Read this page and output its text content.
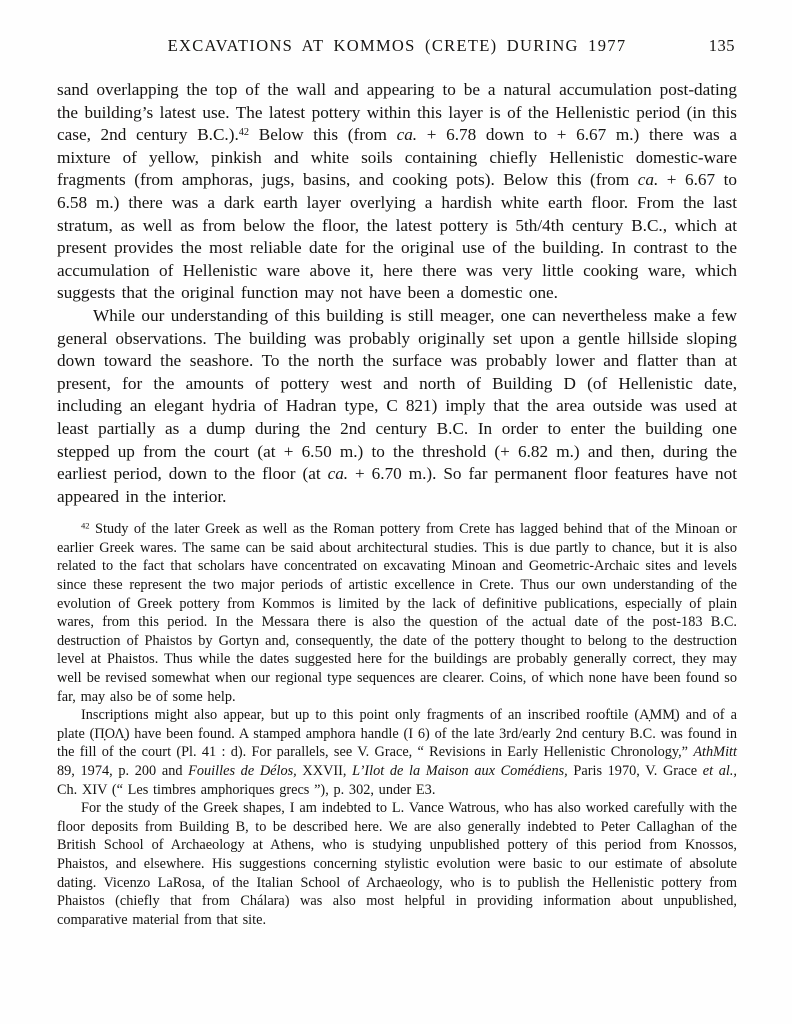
EXCAVATIONS AT KOMMOS (CRETE) DURING 1977	135

sand overlapping the top of the wall and appearing to be a natural accumulation post-dating the building’s latest use. The latest pottery within this layer is of the Hellenistic period (in this case, 2nd century B.C.).$^{42}$ Below this (from ca. + 6.78 down to + 6.67 m.) there was a mixture of yellow, pinkish and white soils containing chiefly Hellenistic domestic-ware fragments (from amphoras, jugs, basins, and cooking pots). Below this (from ca. + 6.67 to 6.58 m.) there was a dark earth layer overlying a hardish white earth floor. From the last stratum, as well as from below the floor, the latest pottery is 5th/4th century B.C., which at present provides the most reliable date for the original use of the building. In contrast to the accumulation of Hellenistic ware above it, here there was very little cooking ware, which suggests that the original function may not have been a domestic one.

While our understanding of this building is still meager, one can nevertheless make a few general observations. The building was probably originally set upon a gentle hillside sloping down toward the seashore. To the north the surface was probably lower and flatter than at present, for the amounts of pottery west and north of Building D (of Hellenistic date, including an elegant hydria of Hadran type, C 821) imply that the area outside was used at least partially as a dump during the 2nd century B.C. In order to enter the building one stepped up from the court (at + 6.50 m.) to the threshold (+ 6.82 m.) and then, during the earliest period, down to the floor (at ca. + 6.70 m.). So far permanent floor features have not appeared in the interior.

$^{42}$ Study of the later Greek as well as the Roman pottery from Crete has lagged behind that of the Minoan or earlier Greek wares. The same can be said about architectural studies. This is due partly to chance, but it is also related to the fact that scholars have concentrated on excavating Minoan and Geometric-Archaic sites and levels since these represent the two major periods of artistic excellence in Crete. Thus our own understanding of the evolution of Greek pottery from Kommos is limited by the lack of definitive publications, especially of plain wares, from this period. In the Messara there is also the question of the actual date of the post-183 B.C. destruction of Phaistos by Gortyn and, consequently, the date of the pottery thought to belong to the destruction level at Phaistos. Thus while the dates suggested here for the buildings are probably generally correct, they may well be revised somewhat when our regional type sequences are clearer. Coins, of which none have been found so far, may also be of some help.

Inscriptions might also appear, but up to this point only fragments of an inscribed rooftile (Α̣ΜΜ̣) and of a plate (Π̣ΟΛ̣) have been found. A stamped amphora handle (I 6) of the late 3rd/early 2nd century B.C. was found in the fill of the court (Pl. 41 : d). For parallels, see V. Grace, “ Revisions in Early Hellenistic Chronology,” AthMitt 89, 1974, p. 200 and Fouilles de Délos, XXVII, L’Ilot de la Maison aux Comédiens, Paris 1970, V. Grace et al., Ch. XIV (“ Les timbres amphoriques grecs ”), p. 302, under E3.

For the study of the Greek shapes, I am indebted to L. Vance Watrous, who has also worked carefully with the floor deposits from Building B, to be described here. We are also generally indebted to Peter Callaghan of the British School of Archaeology at Athens, who is studying unpublished pottery of this period from Knossos, Phaistos, and elsewhere. His suggestions concerning stylistic evolution were basic to our estimate of absolute dating. Vicenzo LaRosa, of the Italian School of Archaeology, who is to publish the Hellenistic pottery from Phaistos (chiefly that from Chálara) was also most helpful in providing information about unpublished, comparative material from that site.
